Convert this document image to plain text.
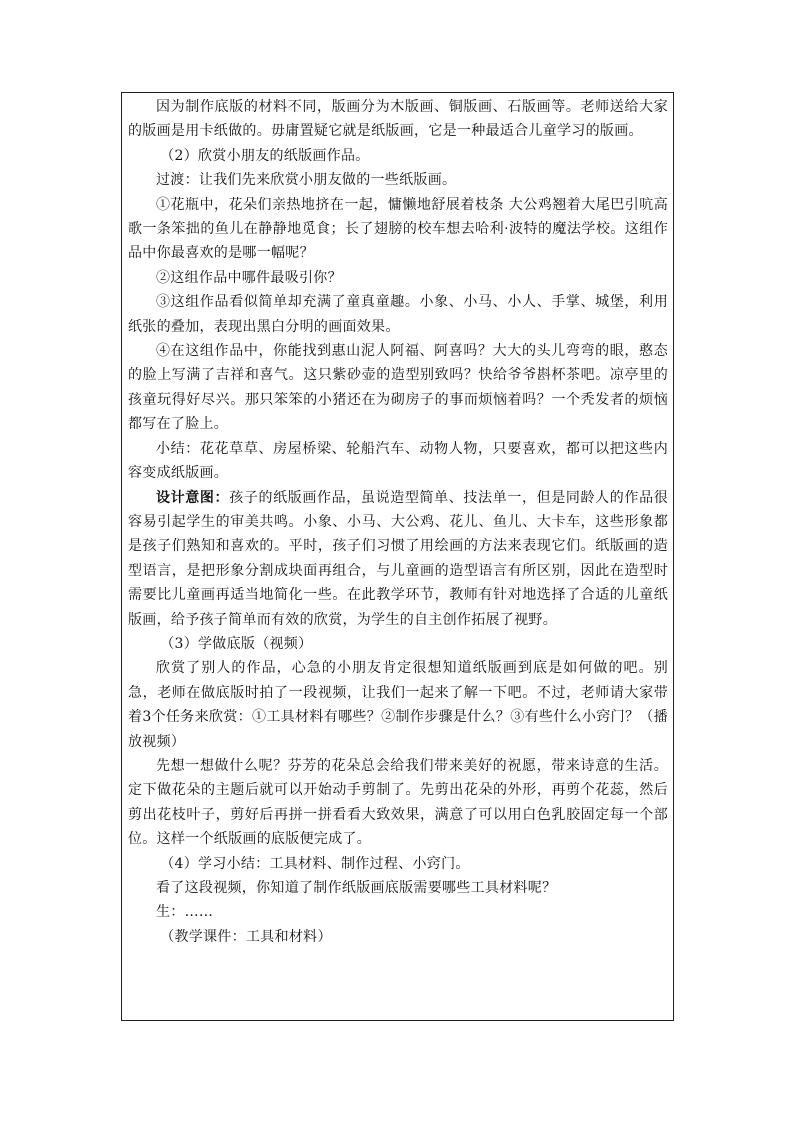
因为制作底版的材料不同，版画分为木版画、铜版画、石版画等。老师送给大家的版画是用卡纸做的。毋庸置疑它就是纸版画，它是一种最适合儿童学习的版画。

（2）欣赏小朋友的纸版画作品。

过渡：让我们先来欣赏小朋友做的一些纸版画。

①花瓶中，花朵们亲热地挤在一起，慵懒地舒展着枝条 大公鸡翘着大尾巴引吭高歌一条笨拙的鱼儿在静静地觅食；长了翅膀的校车想去哈利·波特的魔法学校。这组作品中你最喜欢的是哪一幅呢？

②这组作品中哪件最吸引你？

③这组作品看似简单却充满了童真童趣。小象、小马、小人、手掌、城堡，利用纸张的叠加，表现出黑白分明的画面效果。

④在这组作品中，你能找到惠山泥人阿福、阿喜吗？大大的头儿弯弯的眼，憨态的脸上写满了吉祥和喜气。这只紫砂壶的造型别致吗？快给爷爷斟杯茶吧。凉亭里的孩童玩得好尽兴。那只笨笨的小猪还在为砌房子的事而烦恼着吗？一个秃发者的烦恼都写在了脸上。

小结：花花草草、房屋桥梁、轮船汽车、动物人物，只要喜欢，都可以把这些内容变成纸版画。

设计意图：孩子的纸版画作品，虽说造型简单、技法单一，但是同龄人的作品很容易引起学生的审美共鸣。小象、小马、大公鸡、花儿、鱼儿、大卡车，这些形象都是孩子们熟知和喜欢的。平时，孩子们习惯了用绘画的方法来表现它们。纸版画的造型语言，是把形象分割成块面再组合，与儿童画的造型语言有所区别，因此在造型时需要比儿童画再适当地简化一些。在此教学环节，教师有针对地选择了合适的儿童纸版画，给予孩子简单而有效的欣赏，为学生的自主创作拓展了视野。

（3）学做底版（视频）

欣赏了别人的作品，心急的小朋友肯定很想知道纸版画到底是如何做的吧。别急，老师在做底版时拍了一段视频，让我们一起来了解一下吧。不过，老师请大家带着3个任务来欣赏：①工具材料有哪些？②制作步骤是什么？③有些什么小窍门？（播放视频）

先想一想做什么呢？芬芳的花朵总会给我们带来美好的祝愿，带来诗意的生活。定下做花朵的主题后就可以开始动手剪制了。先剪出花朵的外形，再剪个花蕊，然后剪出花枝叶子，剪好后再拼一拼看看大致效果，满意了可以用白色乳胶固定每一个部位。这样一个纸版画的底版便完成了。

（4）学习小结：工具材料、制作过程、小窍门。

看了这段视频，你知道了制作纸版画底版需要哪些工具材料呢？

生：……

（教学课件：工具和材料）
